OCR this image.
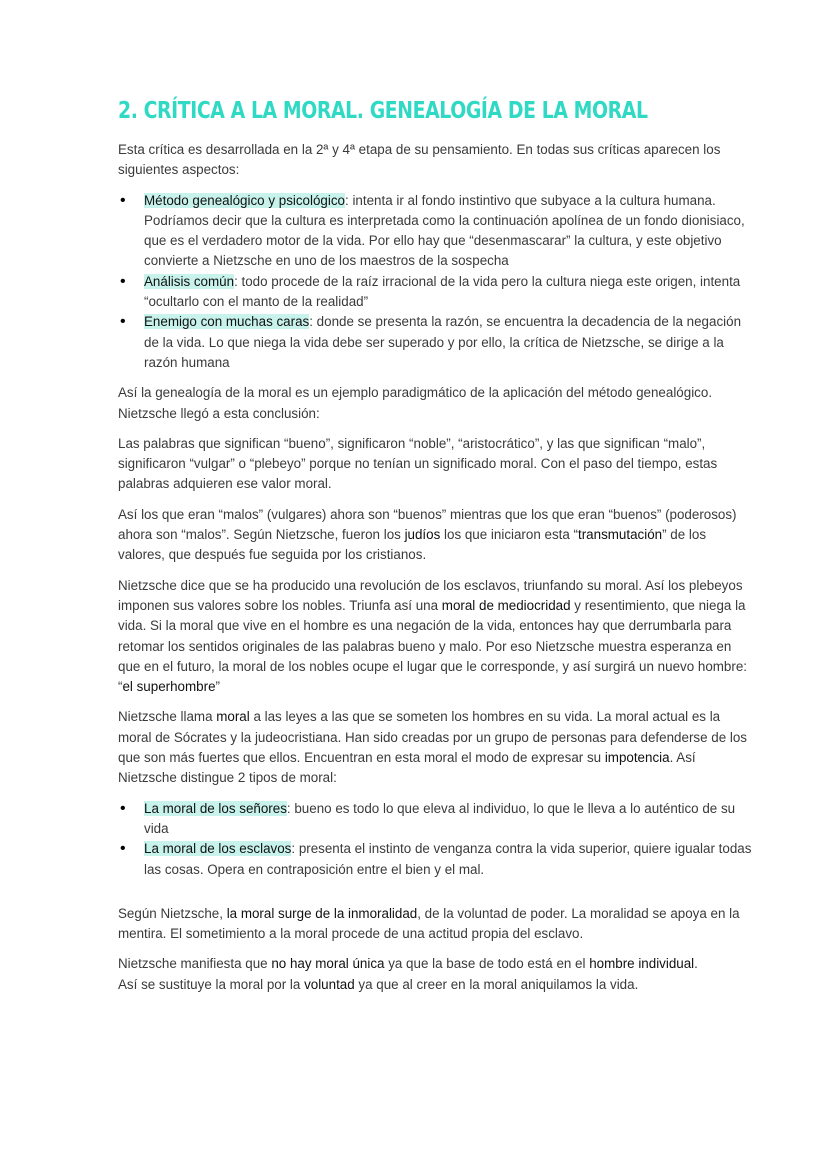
2. CRÍTICA A LA MORAL. GENEALOGÍA DE LA MORAL

Esta crítica es desarrollada en la 2ª y 4ª etapa de su pensamiento. En todas sus críticas aparecen los siguientes aspectos:

• Método genealógico y psicológico: intenta ir al fondo instintivo que subyace a la cultura humana. Podríamos decir que la cultura es interpretada como la continuación apolínea de un fondo dionisiaco, que es el verdadero motor de la vida. Por ello hay que “desenmascarar” la cultura, y este objetivo convierte a Nietzsche en uno de los maestros de la sospecha
• Análisis común: todo procede de la raíz irracional de la vida pero la cultura niega este origen, intenta “ocultarlo con el manto de la realidad”
• Enemigo con muchas caras: donde se presenta la razón, se encuentra la decadencia de la negación de la vida. Lo que niega la vida debe ser superado y por ello, la crítica de Nietzsche, se dirige a la razón humana

Así la genealogía de la moral es un ejemplo paradigmático de la aplicación del método genealógico. Nietzsche llegó a esta conclusión:

Las palabras que significan “bueno”, significaron “noble”, “aristocrático”, y las que significan “malo”, significaron “vulgar” o “plebeyo” porque no tenían un significado moral. Con el paso del tiempo, estas palabras adquieren ese valor moral.

Así los que eran “malos” (vulgares) ahora son “buenos” mientras que los que eran “buenos” (poderosos) ahora son “malos”. Según Nietzsche, fueron los judíos los que iniciaron esta “transmutación” de los valores, que después fue seguida por los cristianos.

Nietzsche dice que se ha producido una revolución de los esclavos, triunfando su moral. Así los plebeyos imponen sus valores sobre los nobles. Triunfa así una moral de mediocridad y resentimiento, que niega la vida. Si la moral que vive en el hombre es una negación de la vida, entonces hay que derrumbarla para retomar los sentidos originales de las palabras bueno y malo. Por eso Nietzsche muestra esperanza en que en el futuro, la moral de los nobles ocupe el lugar que le corresponde, y así surgirá un nuevo hombre: “el superhombre”

Nietzsche llama moral a las leyes a las que se someten los hombres en su vida. La moral actual es la moral de Sócrates y la judeocristiana. Han sido creadas por un grupo de personas para defenderse de los que son más fuertes que ellos. Encuentran en esta moral el modo de expresar su impotencia. Así Nietzsche distingue 2 tipos de moral:

• La moral de los señores: bueno es todo lo que eleva al individuo, lo que le lleva a lo auténtico de su vida
• La moral de los esclavos: presenta el instinto de venganza contra la vida superior, quiere igualar todas las cosas. Opera en contraposición entre el bien y el mal.

Según Nietzsche, la moral surge de la inmoralidad, de la voluntad de poder. La moralidad se apoya en la mentira. El sometimiento a la moral procede de una actitud propia del esclavo.

Nietzsche manifiesta que no hay moral única ya que la base de todo está en el hombre individual. Así se sustituye la moral por la voluntad ya que al creer en la moral aniquilamos la vida.
